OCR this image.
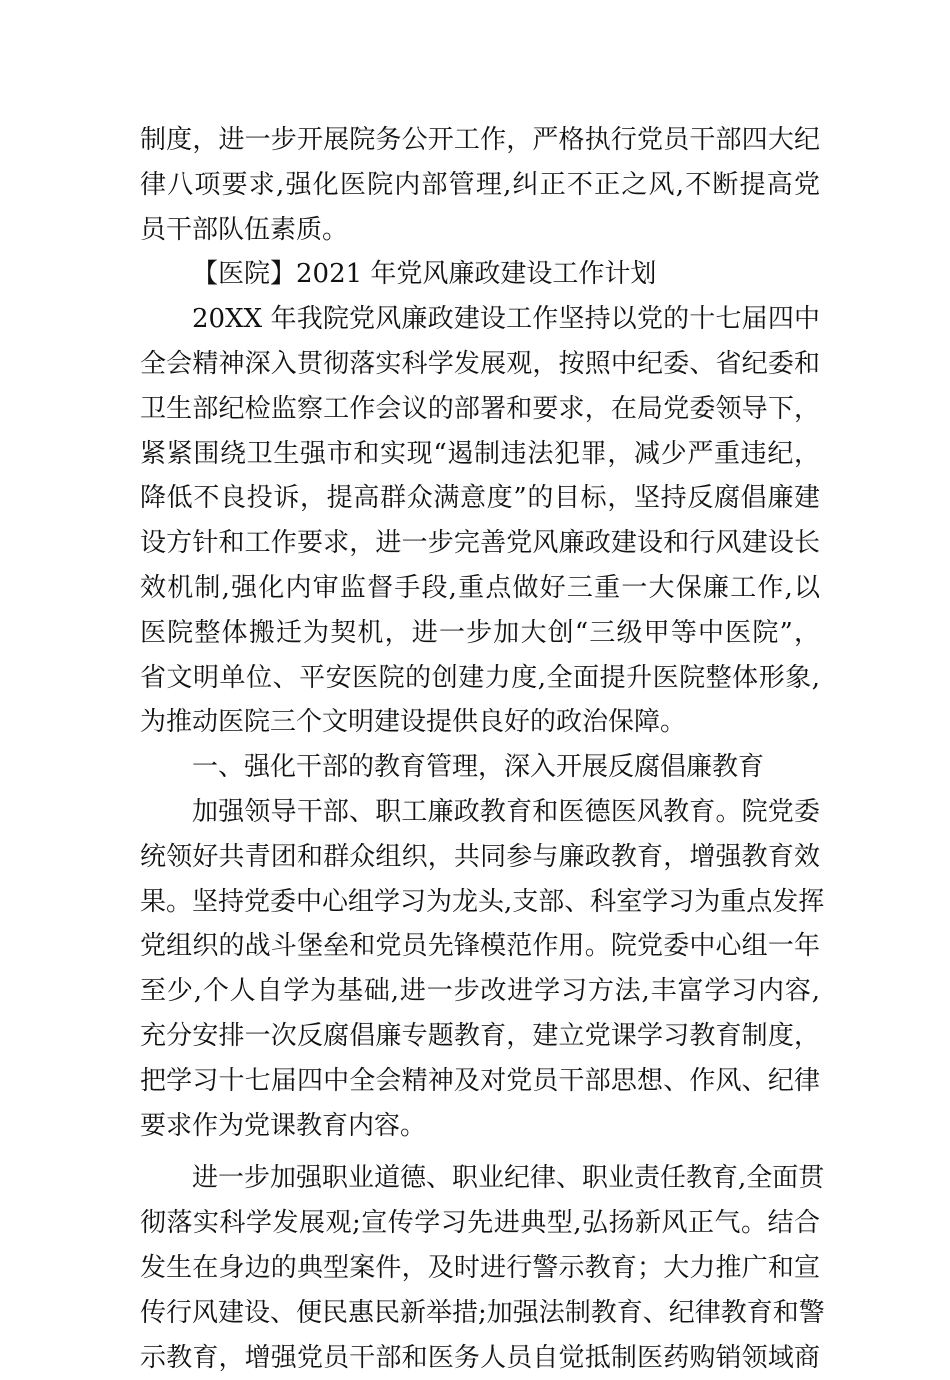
制度，进一步开展院务公开工作，严格执行党员干部四大纪
律八项要求,强化医院内部管理,纠正不正之风,不断提高党
员干部队伍素质。
【医院】2021 年党风廉政建设工作计划
20XX 年我院党风廉政建设工作坚持以党的十七届四中
全会精神深入贯彻落实科学发展观，按照中纪委、省纪委和
卫生部纪检监察工作会议的部署和要求，在局党委领导下，
紧紧围绕卫生强市和实现“遏制违法犯罪，减少严重违纪，
降低不良投诉，提高群众满意度”的目标，坚持反腐倡廉建
设方针和工作要求，进一步完善党风廉政建设和行风建设长
效机制,强化内审监督手段,重点做好三重一大保廉工作,以
医院整体搬迁为契机，进一步加大创“三级甲等中医院”，
省文明单位、平安医院的创建力度,全面提升医院整体形象,
为推动医院三个文明建设提供良好的政治保障。
一、强化干部的教育管理，深入开展反腐倡廉教育
加强领导干部、职工廉政教育和医德医风教育。院党委
统领好共青团和群众组织，共同参与廉政教育，增强教育效
果。坚持党委中心组学习为龙头,支部、科室学习为重点发挥
党组织的战斗堡垒和党员先锋模范作用。院党委中心组一年
至少,个人自学为基础,进一步改进学习方法,丰富学习内容,
充分安排一次反腐倡廉专题教育，建立党课学习教育制度，
把学习十七届四中全会精神及对党员干部思想、作风、纪律
要求作为党课教育内容。
进一步加强职业道德、职业纪律、职业责任教育,全面贯
彻落实科学发展观;宣传学习先进典型,弘扬新风正气。结合
发生在身边的典型案件，及时进行警示教育；大力推广和宣
传行风建设、便民惠民新举措;加强法制教育、纪律教育和警
示教育，增强党员干部和医务人员自觉抵制医药购销领域商
